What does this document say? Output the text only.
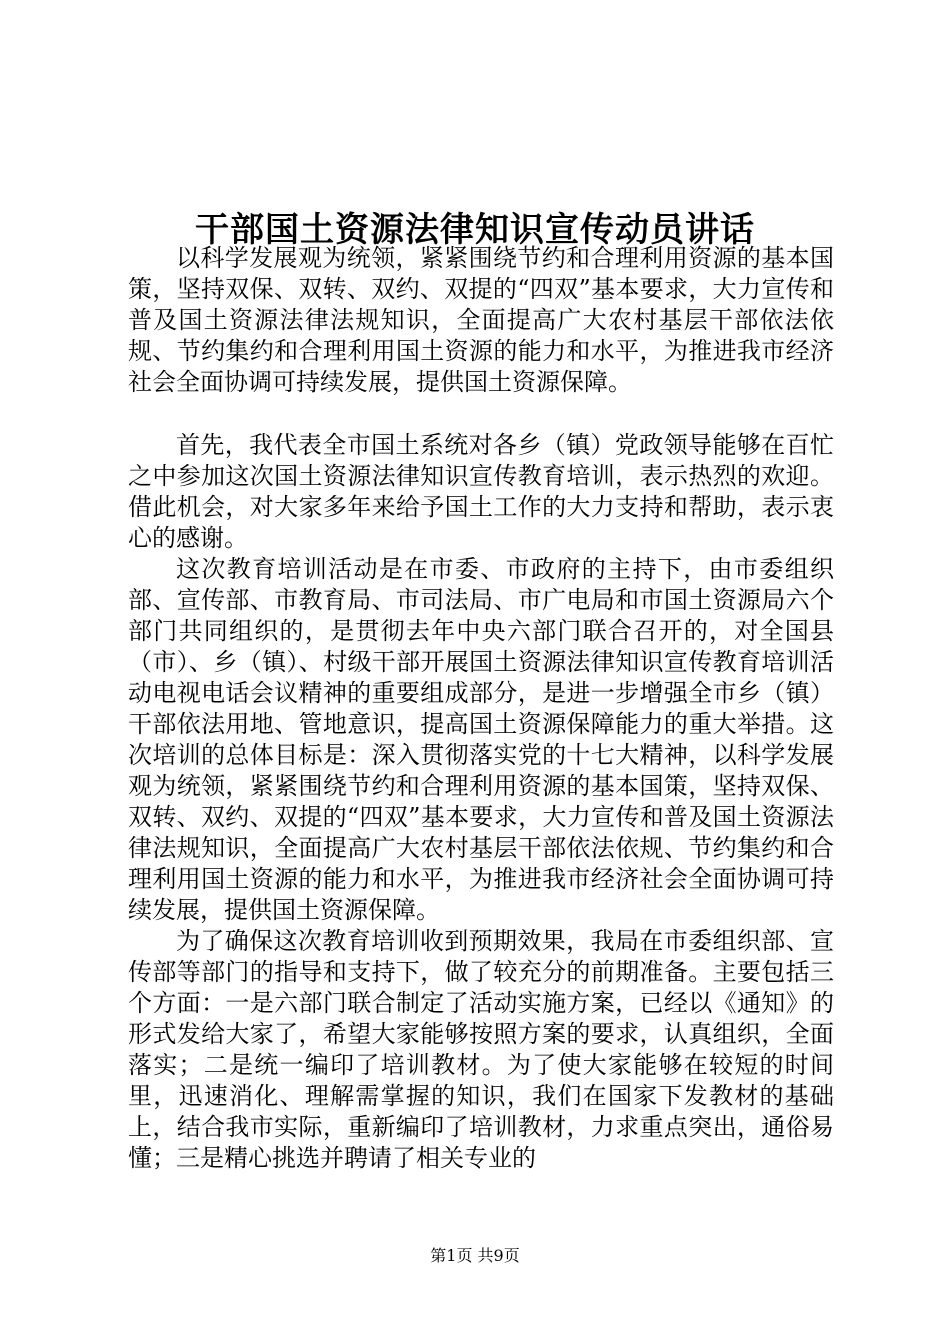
干部国土资源法律知识宣传动员讲话

以科学发展观为统领，紧紧围绕节约和合理利用资源的基本国策，坚持双保、双转、双约、双提的“四双”基本要求，大力宣传和普及国土资源法律法规知识，全面提高广大农村基层干部依法依规、节约集约和合理利用国土资源的能力和水平，为推进我市经济社会全面协调可持续发展，提供国土资源保障。

首先，我代表全市国土系统对各乡（镇）党政领导能够在百忙之中参加这次国土资源法律知识宣传教育培训，表示热烈的欢迎。借此机会，对大家多年来给予国土工作的大力支持和帮助，表示衷心的感谢。

这次教育培训活动是在市委、市政府的主持下，由市委组织部、宣传部、市教育局、市司法局、市广电局和市国土资源局六个部门共同组织的，是贯彻去年中央六部门联合召开的，对全国县（市）、乡（镇）、村级干部开展国土资源法律知识宣传教育培训活动电视电话会议精神的重要组成部分，是进一步增强全市乡（镇）干部依法用地、管地意识，提高国土资源保障能力的重大举措。这次培训的总体目标是：深入贯彻落实党的十七大精神，以科学发展观为统领，紧紧围绕节约和合理利用资源的基本国策，坚持双保、双转、双约、双提的“四双”基本要求，大力宣传和普及国土资源法律法规知识，全面提高广大农村基层干部依法依规、节约集约和合理利用国土资源的能力和水平，为推进我市经济社会全面协调可持续发展，提供国土资源保障。

为了确保这次教育培训收到预期效果，我局在市委组织部、宣传部等部门的指导和支持下，做了较充分的前期准备。主要包括三个方面：一是六部门联合制定了活动实施方案，已经以《通知》的形式发给大家了，希望大家能够按照方案的要求，认真组织，全面落实；二是统一编印了培训教材。为了使大家能够在较短的时间里，迅速消化、理解需掌握的知识，我们在国家下发教材的基础上，结合我市实际，重新编印了培训教材，力求重点突出，通俗易懂；三是精心挑选并聘请了相关专业的

第1页 共9页
